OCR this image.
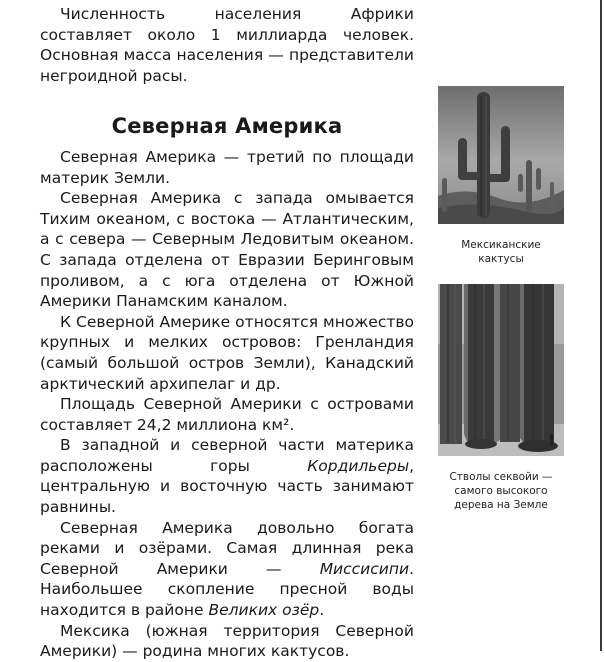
Численность населения Африки составляет около 1 миллиарда человек. Основная масса населения — представители негроидной расы.

Северная Америка

Северная Америка — третий по площади материк Земли.

Северная Америка с запада омывается Тихим океаном, с востока — Атлантическим, а с севера — Северным Ледовитым океаном. С запада отделена от Евразии Беринговым проливом, а с юга отделена от Южной Америки Панамским каналом.

К Северной Америке относятся множество крупных и мелких островов: Гренландия (самый большой остров Земли), Канадский арктический архипелаг и др.

Площадь Северной Америки с островами составляет 24,2 миллиона км².

В западной и северной части материка расположены горы Кордильеры, центральную и восточную часть занимают равнины.

Северная Америка довольно богата реками и озёрами. Самая длинная река Северной Америки — Миссисипи. Наибольшее скопление пресной воды находится в районе Великих озёр.

Мексика (южная территория Северной Америки) — родина многих кактусов.

Мексиканские кактусы
Стволы секвойи — самого высокого дерева на Земле
